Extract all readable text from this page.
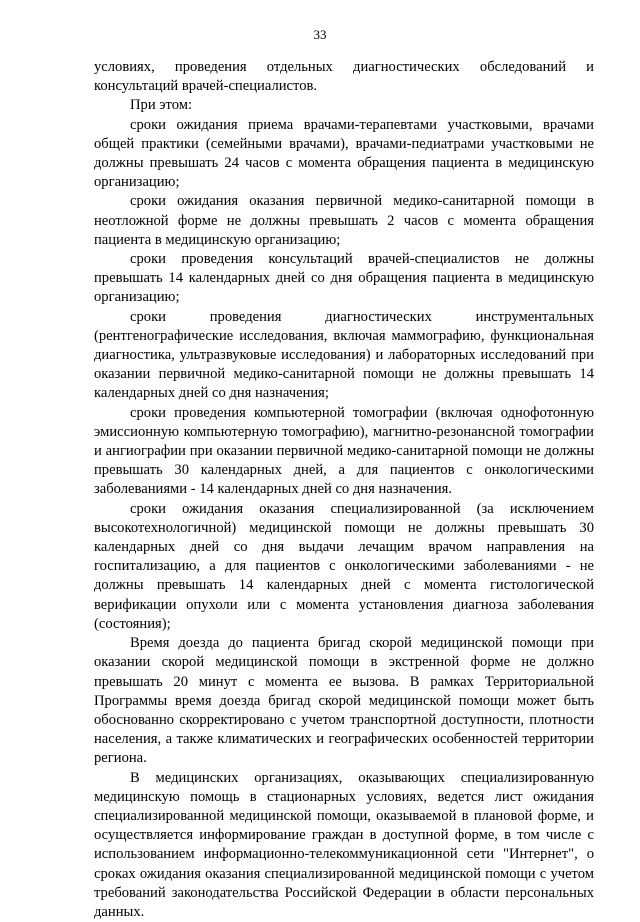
33

условиях, проведения отдельных диагностических обследований и консультаций врачей-специалистов.

При этом:

сроки ожидания приема врачами-терапевтами участковыми, врачами общей практики (семейными врачами), врачами-педиатрами участковыми не должны превышать 24 часов с момента обращения пациента в медицинскую организацию;

сроки ожидания оказания первичной медико-санитарной помощи в неотложной форме не должны превышать 2 часов с момента обращения пациента в медицинскую организацию;

сроки проведения консультаций врачей-специалистов не должны превышать 14 календарных дней со дня обращения пациента в медицинскую организацию;

сроки проведения диагностических инструментальных (рентгенографические исследования, включая маммографию, функциональная диагностика, ультразвуковые исследования) и лабораторных исследований при оказании первичной медико-санитарной помощи не должны превышать 14 календарных дней со дня назначения;

сроки проведения компьютерной томографии (включая однофотонную эмиссионную компьютерную томографию), магнитно-резонансной томографии и ангиографии при оказании первичной медико-санитарной помощи не должны превышать 30 календарных дней, а для пациентов с онкологическими заболеваниями - 14 календарных дней со дня назначения.

сроки ожидания оказания специализированной (за исключением высокотехнологичной) медицинской помощи не должны превышать 30 календарных дней со дня выдачи лечащим врачом направления на госпитализацию, а для пациентов с онкологическими заболеваниями - не должны превышать 14 календарных дней с момента гистологической верификации опухоли или с момента установления диагноза заболевания (состояния);

Время доезда до пациента бригад скорой медицинской помощи при оказании скорой медицинской помощи в экстренной форме не должно превышать 20 минут с момента ее вызова. В рамках Территориальной Программы время доезда бригад скорой медицинской помощи может быть обоснованно скорректировано с учетом транспортной доступности, плотности населения, а также климатических и географических особенностей территории региона.

В медицинских организациях, оказывающих специализированную медицинскую помощь в стационарных условиях, ведется лист ожидания специализированной медицинской помощи, оказываемой в плановой форме, и осуществляется информирование граждан в доступной форме, в том числе с использованием информационно-телекоммуникационной сети "Интернет", о сроках ожидания оказания специализированной медицинской помощи с учетом требований законодательства Российской Федерации в области персональных данных.
